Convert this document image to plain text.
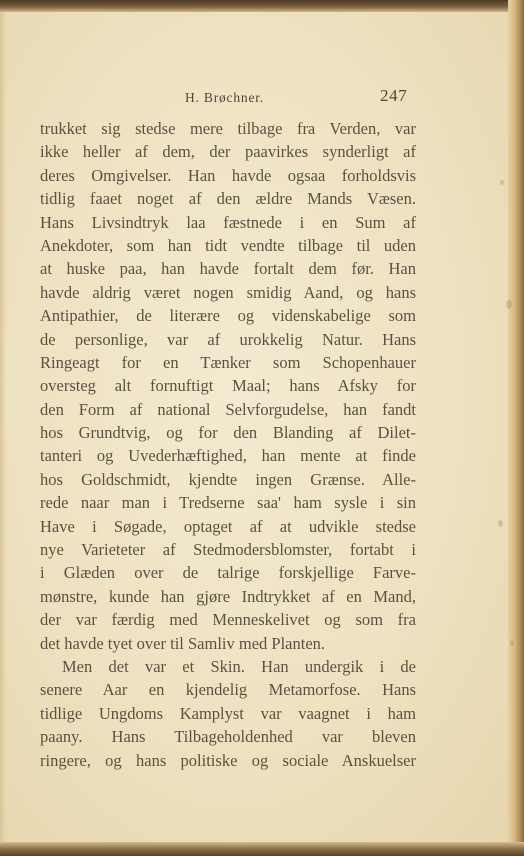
H. Brøchner.	247
trukket sig stedse mere tilbage fra Verden, var
ikke heller af dem, der paavirkes synderligt af
deres Omgivelser. Han havde ogsaa forholdsvis
tidlig faaet noget af den ældre Mands Væsen.
Hans Livsindtryk laa fæstnede i en Sum af
Anekdoter, som han tidt vendte tilbage til uden
at huske paa, han havde fortalt dem før. Han
havde aldrig været nogen smidig Aand, og hans
Antipathier, de literære og videnskabelige som
de personlige, var af urokkelig Natur. Hans
Ringeagt for en Tænker som Schopenhauer
oversteg alt fornuftigt Maal; hans Afsky for
den Form af national Selvforgudelse, han fandt
hos Grundtvig, og for den Blanding af Dilet-
tanteri og Uvederhæftighed, han mente at finde
hos Goldschmidt, kjendte ingen Grænse. Alle-
rede naar man i Tredserne saa' ham sysle i sin
Have i Søgade, optaget af at udvikle stedse
nye Varieteter af Stedmodersblomster, fortabt i
i Glæden over de talrige forskjellige Farve-
mønstre, kunde han gjøre Indtrykket af en Mand,
der var færdig med Menneskelivet og som fra
det havde tyet over til Samliv med Planten.
Men det var et Skin. Han undergik i de
senere Aar en kjendelig Metamorfose. Hans
tidlige Ungdoms Kamplyst var vaagnet i ham
paany. Hans Tilbageholdenhed var bleven
ringere, og hans politiske og sociale Anskuelser
